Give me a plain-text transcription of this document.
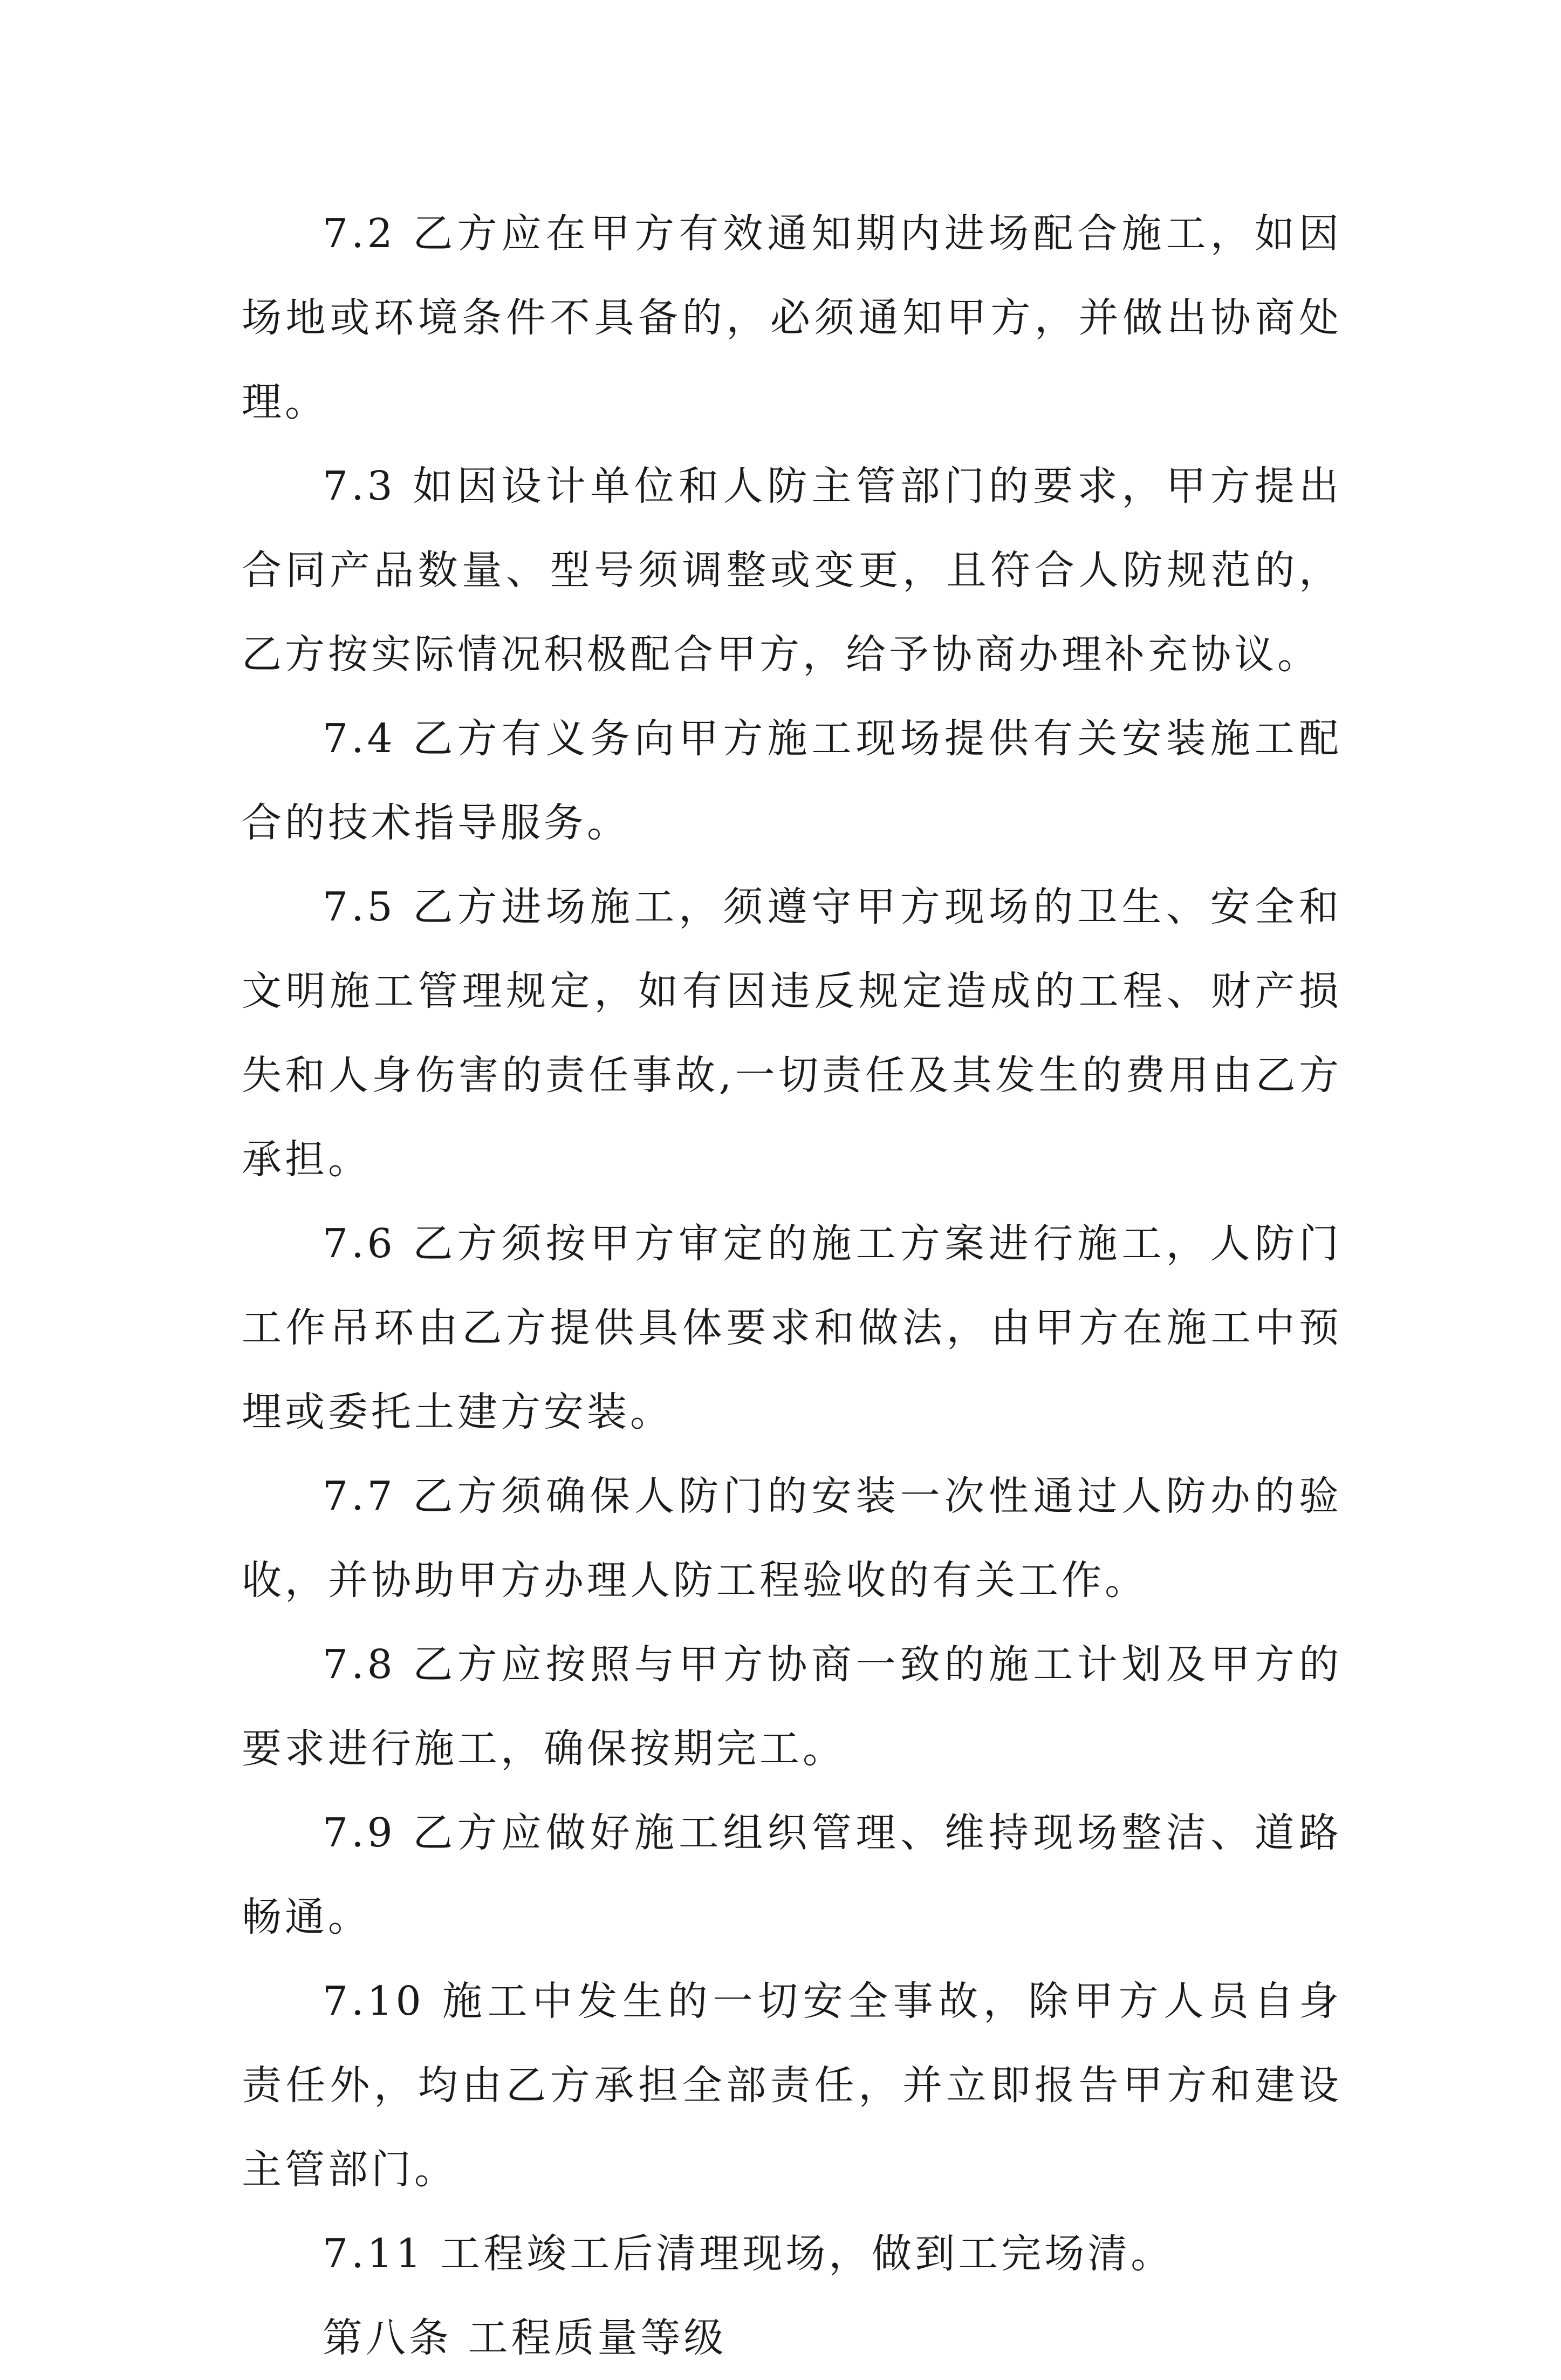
7.2 乙方应在甲方有效通知期内进场配合施工，如因场地或环境条件不具备的，必须通知甲方，并做出协商处理。

7.3 如因设计单位和人防主管部门的要求，甲方提出合同产品数量、型号须调整或变更，且符合人防规范的，乙方按实际情况积极配合甲方，给予协商办理补充协议。

7.4 乙方有义务向甲方施工现场提供有关安装施工配合的技术指导服务。

7.5 乙方进场施工，须遵守甲方现场的卫生、安全和文明施工管理规定，如有因违反规定造成的工程、财产损失和人身伤害的责任事故,一切责任及其发生的费用由乙方承担。

7.6 乙方须按甲方审定的施工方案进行施工，人防门工作吊环由乙方提供具体要求和做法，由甲方在施工中预埋或委托土建方安装。

7.7 乙方须确保人防门的安装一次性通过人防办的验收，并协助甲方办理人防工程验收的有关工作。

7.8 乙方应按照与甲方协商一致的施工计划及甲方的要求进行施工，确保按期完工。

7.9 乙方应做好施工组织管理、维持现场整洁、道路畅通。

7.10 施工中发生的一切安全事故，除甲方人员自身责任外，均由乙方承担全部责任，并立即报告甲方和建设主管部门。

7.11 工程竣工后清理现场，做到工完场清。

第八条 工程质量等级
